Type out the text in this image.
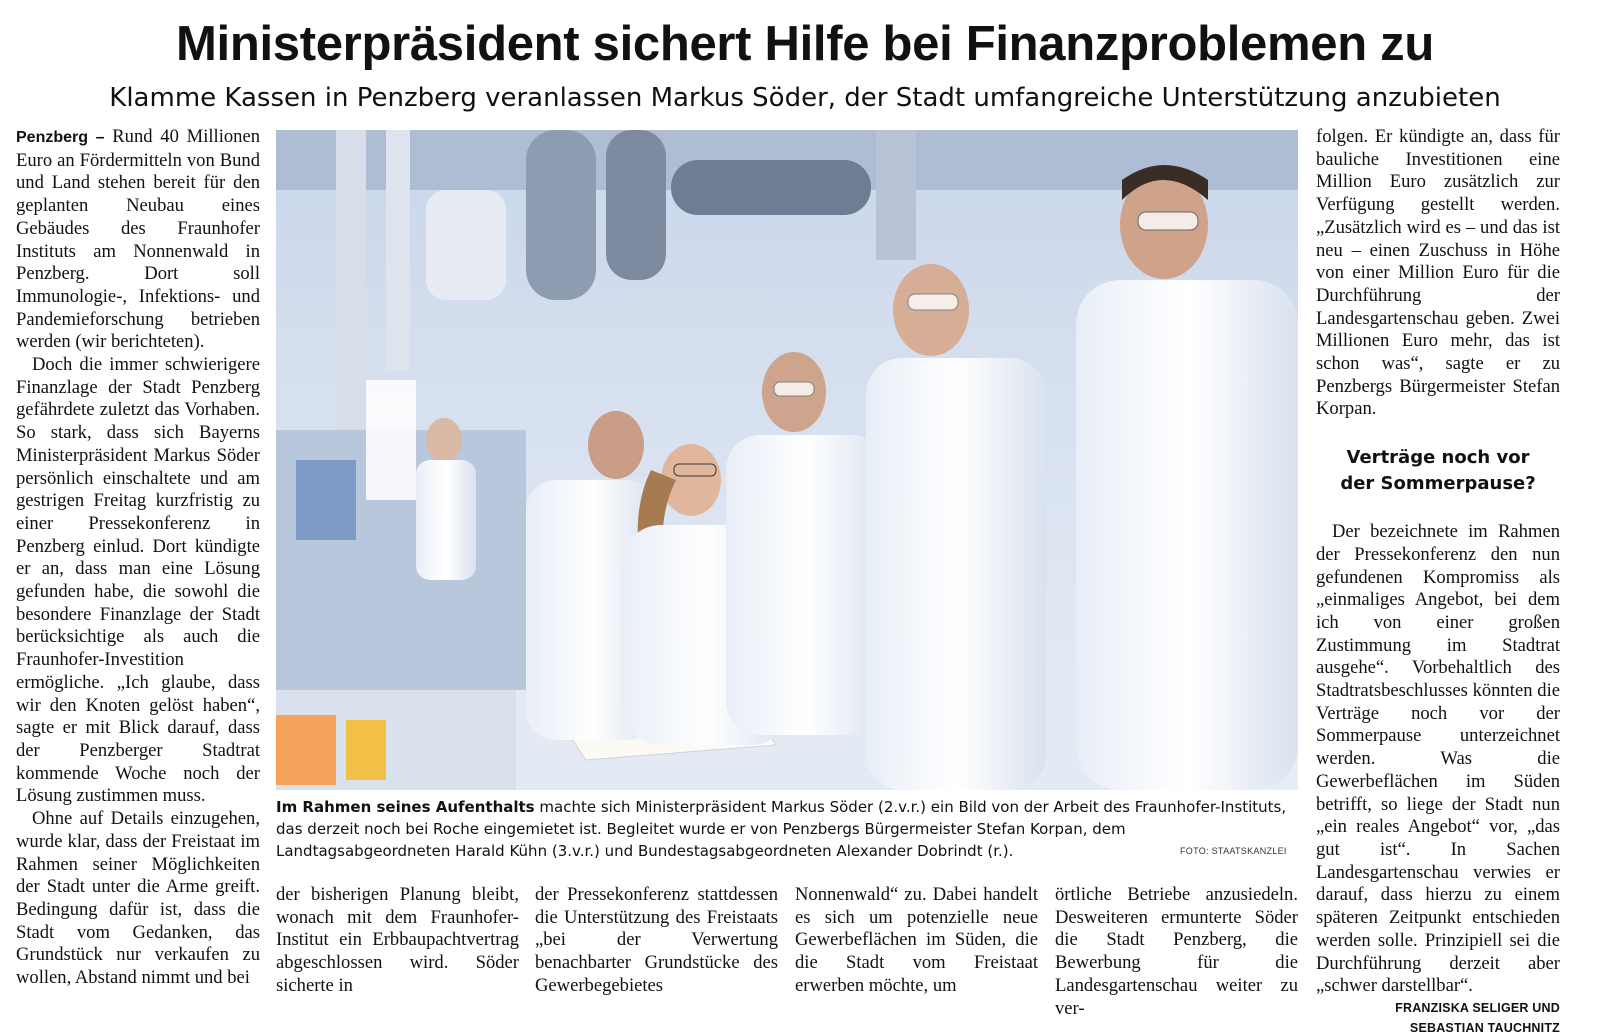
Ministerpräsident sichert Hilfe bei Finanzproblemen zu
Klamme Kassen in Penzberg veranlassen Markus Söder, der Stadt umfangreiche Unterstützung anzubieten

Penzberg – Rund 40 Millionen Euro an Fördermitteln von Bund und Land stehen bereit für den geplanten Neubau eines Gebäudes des Fraunhofer Instituts am Nonnenwald in Penzberg. Dort soll Immunologie-, Infektions- und Pandemieforschung betrieben werden (wir berichteten).

Doch die immer schwierigere Finanzlage der Stadt Penzberg gefährdete zuletzt das Vorhaben. So stark, dass sich Bayerns Ministerpräsident Markus Söder persönlich einschaltete und am gestrigen Freitag kurzfristig zu einer Pressekonferenz in Penzberg einlud. Dort kündigte er an, dass man eine Lösung gefunden habe, die sowohl die besondere Finanzlage der Stadt berücksichtige als auch die Fraunhofer-Investition ermögliche. „Ich glaube, dass wir den Knoten gelöst haben“, sagte er mit Blick darauf, dass der Penzberger Stadtrat kommende Woche noch der Lösung zustimmen muss.

Ohne auf Details einzugehen, wurde klar, dass der Freistaat im Rahmen seiner Möglichkeiten der Stadt unter die Arme greift. Bedingung dafür ist, dass die Stadt vom Gedanken, das Grundstück nur verkaufen zu wollen, Abstand nimmt und bei

Im Rahmen seines Aufenthalts machte sich Ministerpräsident Markus Söder (2.v.r.) ein Bild von der Arbeit des Fraunhofer-Instituts, das derzeit noch bei Roche eingemietet ist. Begleitet wurde er von Penzbergs Bürgermeister Stefan Korpan, dem Landtagsabgeordneten Harald Kühn (3.v.r.) und Bundestagsabgeordneten Alexander Dobrindt (r.).	FOTO: STAATSKANZLEI

der bisherigen Planung bleibt, wonach mit dem Fraunhofer-Institut ein Erbbaupachtvertrag abgeschlossen wird. Söder sicherte in

der Pressekonferenz stattdessen die Unterstützung des Freistaats „bei der Verwertung benachbarter Grundstücke des Gewerbegebietes

Nonnenwald“ zu. Dabei handelt es sich um potenzielle neue Gewerbeflächen im Süden, die die Stadt vom Freistaat erwerben möchte, um

örtliche Betriebe anzusiedeln. Desweiteren ermunterte Söder die Stadt Penzberg, die Bewerbung für die Landesgartenschau weiter zu ver-

folgen. Er kündigte an, dass für bauliche Investitionen eine Million Euro zusätzlich zur Verfügung gestellt werden. „Zusätzlich wird es – und das ist neu – einen Zuschuss in Höhe von einer Million Euro für die Durchführung der Landesgartenschau geben. Zwei Millionen Euro mehr, das ist schon was“, sagte er zu Penzbergs Bürgermeister Stefan Korpan.

Verträge noch vor
der Sommerpause?

Der bezeichnete im Rahmen der Pressekonferenz den nun gefundenen Kompromiss als „einmaliges Angebot, bei dem ich von einer großen Zustimmung im Stadtrat ausgehe“. Vorbehaltlich des Stadtratsbeschlusses könnten die Verträge noch vor der Sommerpause unterzeichnet werden. Was die Gewerbeflächen im Süden betrifft, so liege der Stadt nun „ein reales Angebot“ vor, „das gut ist“. In Sachen Landesgartenschau verwies er darauf, dass hierzu zu einem späteren Zeitpunkt entschieden werden solle. Prinzipiell sei die Durchführung derzeit aber „schwer darstellbar“.

FRANZISKA SELIGER UND
SEBASTIAN TAUCHNITZ
